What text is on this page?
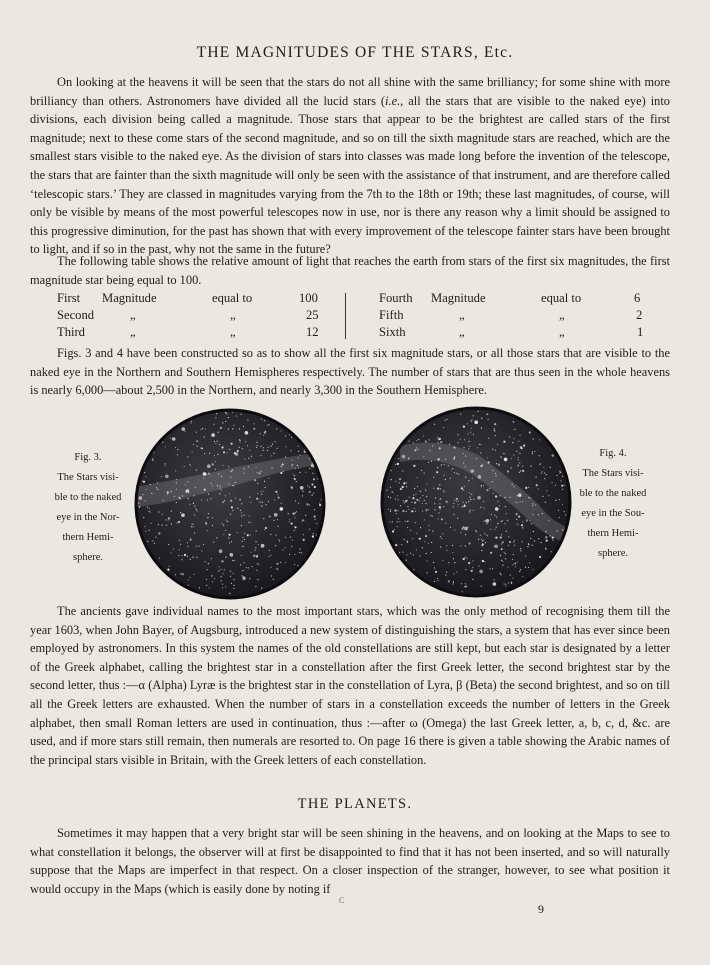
THE MAGNITUDES OF THE STARS, Etc.

On looking at the heavens it will be seen that the stars do not all shine with the same brilliancy; for some shine with more brilliancy than others. Astronomers have divided all the lucid stars (i.e., all the stars that are visible to the naked eye) into divisions, each division being called a magnitude. Those stars that appear to be the brightest are called stars of the first magnitude; next to these come stars of the second magnitude, and so on till the sixth magnitude stars are reached, which are the smallest stars visible to the naked eye. As the division of stars into classes was made long before the invention of the telescope, the stars that are fainter than the sixth magnitude will only be seen with the assistance of that instrument, and are therefore called ‘telescopic stars.’ They are classed in magnitudes varying from the 7th to the 18th or 19th; these last magnitudes, of course, will only be visible by means of the most powerful telescopes now in use, nor is there any reason why a limit should be assigned to this progressive diminution, for the past has shown that with every improvement of the telescope fainter stars have been brought to light, and if so in the past, why not the same in the future?

The following table shows the relative amount of light that reaches the earth from stars of the first six magnitudes, the first magnitude star being equal to 100.

First Magnitude	equal to	100
Second	„	„	25
Third	„	„	12
Fourth Magnitude	equal to	6
Fifth	„	„	2
Sixth	„	„	1

Figs. 3 and 4 have been constructed so as to show all the first six magnitude stars, or all those stars that are visible to the naked eye in the Northern and Southern Hemispheres respectively. The number of stars that are thus seen in the whole heavens is nearly 6,000—about 2,500 in the Northern, and nearly 3,300 in the Southern Hemisphere.

Fig. 3.
The Stars visi-
ble to the naked
eye in the Nor-
thern Hemi-
sphere.
Fig. 4.
The Stars visi-
ble to the naked
eye in the Sou-
thern Hemi-
sphere.

The ancients gave individual names to the most important stars, which was the only method of recognising them till the year 1603, when John Bayer, of Augsburg, introduced a new system of distinguishing the stars, a system that has ever since been employed by astronomers. In this system the names of the old constellations are still kept, but each star is designated by a letter of the Greek alphabet, calling the brightest star in a constellation after the first Greek letter, the second brightest star by the second letter, thus :—α (Alpha) Lyræ is the brightest star in the constellation of Lyra, β (Beta) the second brightest, and so on till all the Greek letters are exhausted. When the number of stars in a constellation exceeds the number of letters in the Greek alphabet, then small Roman letters are used in continuation, thus :—after ω (Omega) the last Greek letter, a, b, c, d, &c. are used, and if more stars still remain, then numerals are resorted to. On page 16 there is given a table showing the Arabic names of the principal stars visible in Britain, with the Greek letters of each constellation.

THE PLANETS.

Sometimes it may happen that a very bright star will be seen shining in the heavens, and on looking at the Maps to see to what constellation it belongs, the observer will at first be disappointed to find that it has not been inserted, and so will naturally suppose that the Maps are imperfect in that respect. On a closer inspection of the stranger, however, to see what position it would occupy in the Maps (which is easily done by noting if

C
9
